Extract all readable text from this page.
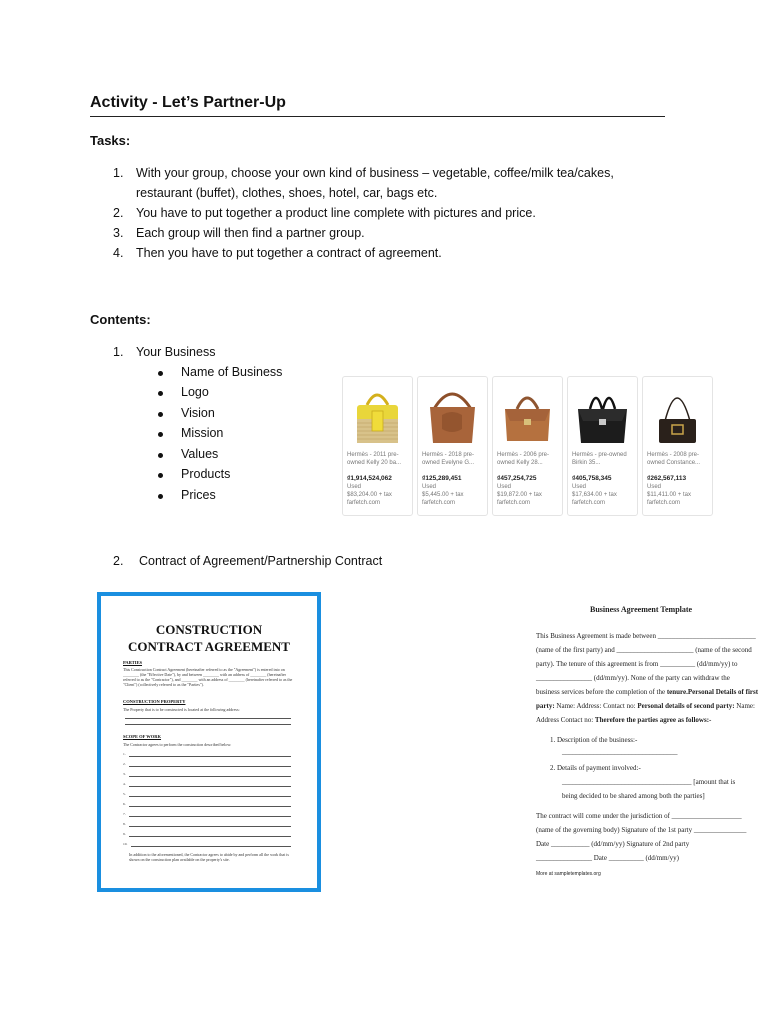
Activity - Let’s Partner-Up
Tasks:
1. With your group, choose your own kind of business – vegetable, coffee/milk tea/cakes,
restaurant (buffet), clothes, shoes, hotel, car, bags etc.
2. You have to put together a product line complete with pictures and price.
3. Each group will then find a partner group.
4. Then you have to put together a contract of agreement.
Contents:
1. Your Business
Name of Business
Logo
Vision
Mission
Values
Products
Prices
Hermès - 2011 pre-owned Kelly 20 ba...
₫1,914,524,062
Used
$83,204.00 + tax
farfetch.com
Hermès - 2018 pre-owned Evelyne G...
₫125,289,451
Used
$5,445.00 + tax
farfetch.com
Hermès - 2006 pre-owned Kelly 28...
₫457,254,725
Used
$19,872.00 + tax
farfetch.com
Hermès - pre-owned Birkin 35...
₫405,758,345
Used
$17,634.00 + tax
farfetch.com
Hermès - 2008 pre-owned Constance...
₫262,567,113
Used
$11,411.00 + tax
farfetch.com
2. Contract of Agreement/Partnership Contract
CONSTRUCTION
CONTRACT AGREEMENT
PARTIES
This Construction Contract Agreement (hereinafter referred to as the "Agreement") is entered into on ________ (the "Effective Date"), by and between ________ with an address of ________ (hereinafter referred to as the "Contractor"), and ________ with an address of ________ (hereinafter referred to as the "Client") (collectively referred to as the "Parties").
CONSTRUCTION PROPERTY
The Property that is to be constructed is located at the following address:
SCOPE OF WORK
The Contractor agrees to perform the construction described below:
1.
2.
3.
4.
5.
6.
7.
8.
9.
10.
In addition to the aforementioned, the Contractor agrees to abide by and perform all the work that is shown on the construction plan available on the property's site.
Business Agreement Template
This Business Agreement is made between ____________________________
(name of the first party) and ______________________ (name of the second
party). The tenure of this agreement is from __________ (dd/mm/yy) to
________________ (dd/mm/yy). None of the party can withdraw the
business services before the completion of the tenure.Personal Details of first
party: Name: Address: Contact no: Personal details of second party: Name:
Address Contact no: Therefore the parties agree as follows:-
1. Description of the business:-
_________________________________
2. Details of payment involved:-
_____________________________________ [amount that is
being decided to be shared among both the parties]
The contract will come under the jurisdiction of ____________________
(name of the governing body) Signature of the 1st party _______________
Date ___________ (dd/mm/yy) Signature of 2nd party
________________ Date __________ (dd/mm/yy)
More at sampletemplates.org
